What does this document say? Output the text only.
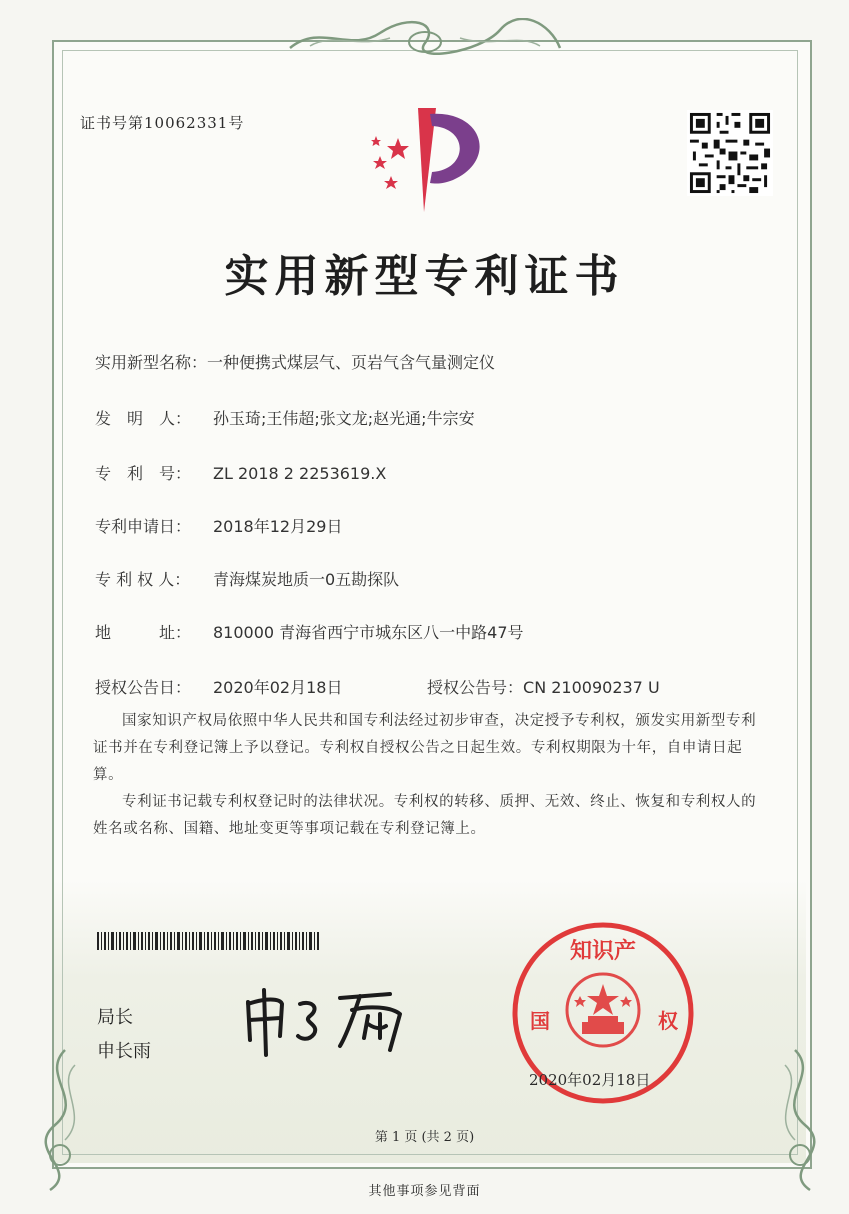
证书号第10062331号
实用新型专利证书
实用新型名称：一种便携式煤层气、页岩气含气量测定仪
发　明　人： 孙玉琦;王伟超;张文龙;赵光通;牛宗安
专　利　号： ZL 2018 2 2253619.X
专利申请日： 2018年12月29日
专 利 权 人： 青海煤炭地质一0五勘探队
地　　　址： 810000 青海省西宁市城东区八一中路47号
授权公告日： 2020年02月18日	授权公告号：CN 210090237 U
国家知识产权局依照中华人民共和国专利法经过初步审查，决定授予专利权，颁发实用新型专利证书并在专利登记簿上予以登记。专利权自授权公告之日起生效。专利权期限为十年，自申请日起算。
专利证书记载专利权登记时的法律状况。专利权的转移、质押、无效、终止、恢复和专利权人的姓名或名称、国籍、地址变更等事项记载在专利登记簿上。
局长
申长雨
知识产
国	权
2020年02月18日
第 1 页 (共 2 页)
其他事项参见背面
